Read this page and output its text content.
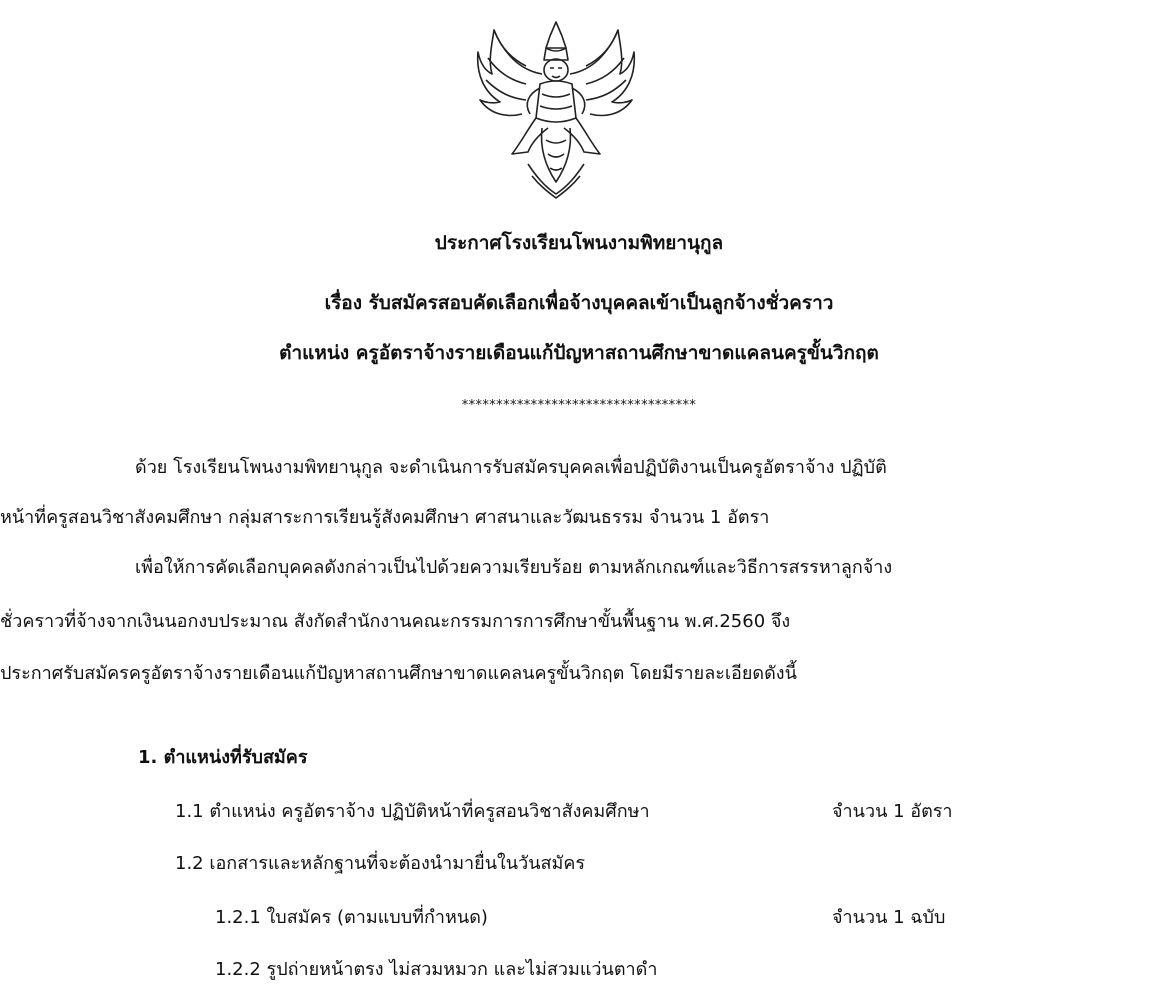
ประกาศโรงเรียนโพนงามพิทยานุกูล
เรื่อง รับสมัครสอบคัดเลือกเพื่อจ้างบุคคลเข้าเป็นลูกจ้างชั่วคราว
ตำแหน่ง ครูอัตราจ้างรายเดือนแก้ปัญหาสถานศึกษาขาดแคลนครูขั้นวิกฤต
**********************************
ด้วย โรงเรียนโพนงามพิทยานุกูล จะดำเนินการรับสมัครบุคคลเพื่อปฏิบัติงานเป็นครูอัตราจ้าง ปฏิบัติ
หน้าที่ครูสอนวิชาสังคมศึกษา กลุ่มสาระการเรียนรู้สังคมศึกษา ศาสนาและวัฒนธรรม จำนวน 1 อัตรา
เพื่อให้การคัดเลือกบุคคลดังกล่าวเป็นไปด้วยความเรียบร้อย ตามหลักเกณฑ์และวิธีการสรรหาลูกจ้าง
ชั่วคราวที่จ้างจากเงินนอกงบประมาณ สังกัดสำนักงานคณะกรรมการการศึกษาขั้นพื้นฐาน พ.ศ.2560 จึง
ประกาศรับสมัครครูอัตราจ้างรายเดือนแก้ปัญหาสถานศึกษาขาดแคลนครูขั้นวิกฤต โดยมีรายละเอียดดังนี้
1. ตำแหน่งที่รับสมัคร
1.1 ตำแหน่ง ครูอัตราจ้าง ปฏิบัติหน้าที่ครูสอนวิชาสังคมศึกษา	จำนวน 1 อัตรา
1.2 เอกสารและหลักฐานที่จะต้องนำมายื่นในวันสมัคร
1.2.1 ใบสมัคร (ตามแบบที่กำหนด)	จำนวน 1 ฉบับ
1.2.2 รูปถ่ายหน้าตรง ไม่สวมหมวก และไม่สวมแว่นตาดำ
